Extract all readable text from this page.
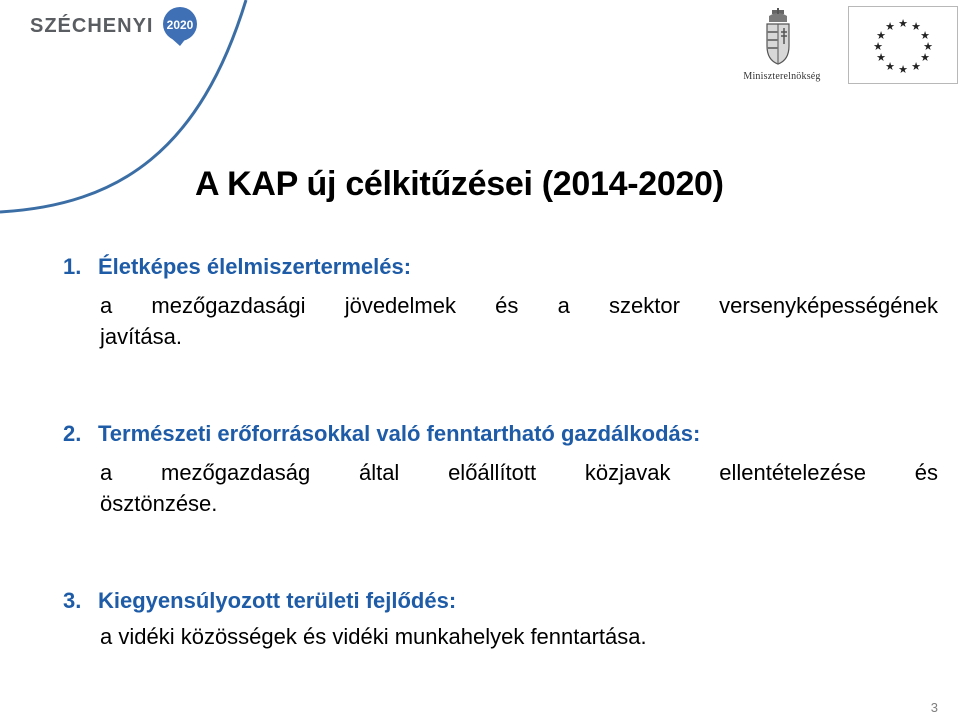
SZÉCHENYI 2020
Miniszterelnökség
★ ★
★
★
★
★
★
★
★
★
★
★
A KAP új célkitűzései (2014-2020)
1. Életképes élelmiszertermelés:
a mezőgazdasági jövedelmek és a szektor versenyképességének
javítása.
2. Természeti erőforrásokkal való fenntartható gazdálkodás:
a mezőgazdaság által előállított közjavak ellentételezése és
ösztönzése.
3. Kiegyensúlyozott területi fejlődés:
a vidéki közösségek és vidéki munkahelyek fenntartása.
3
